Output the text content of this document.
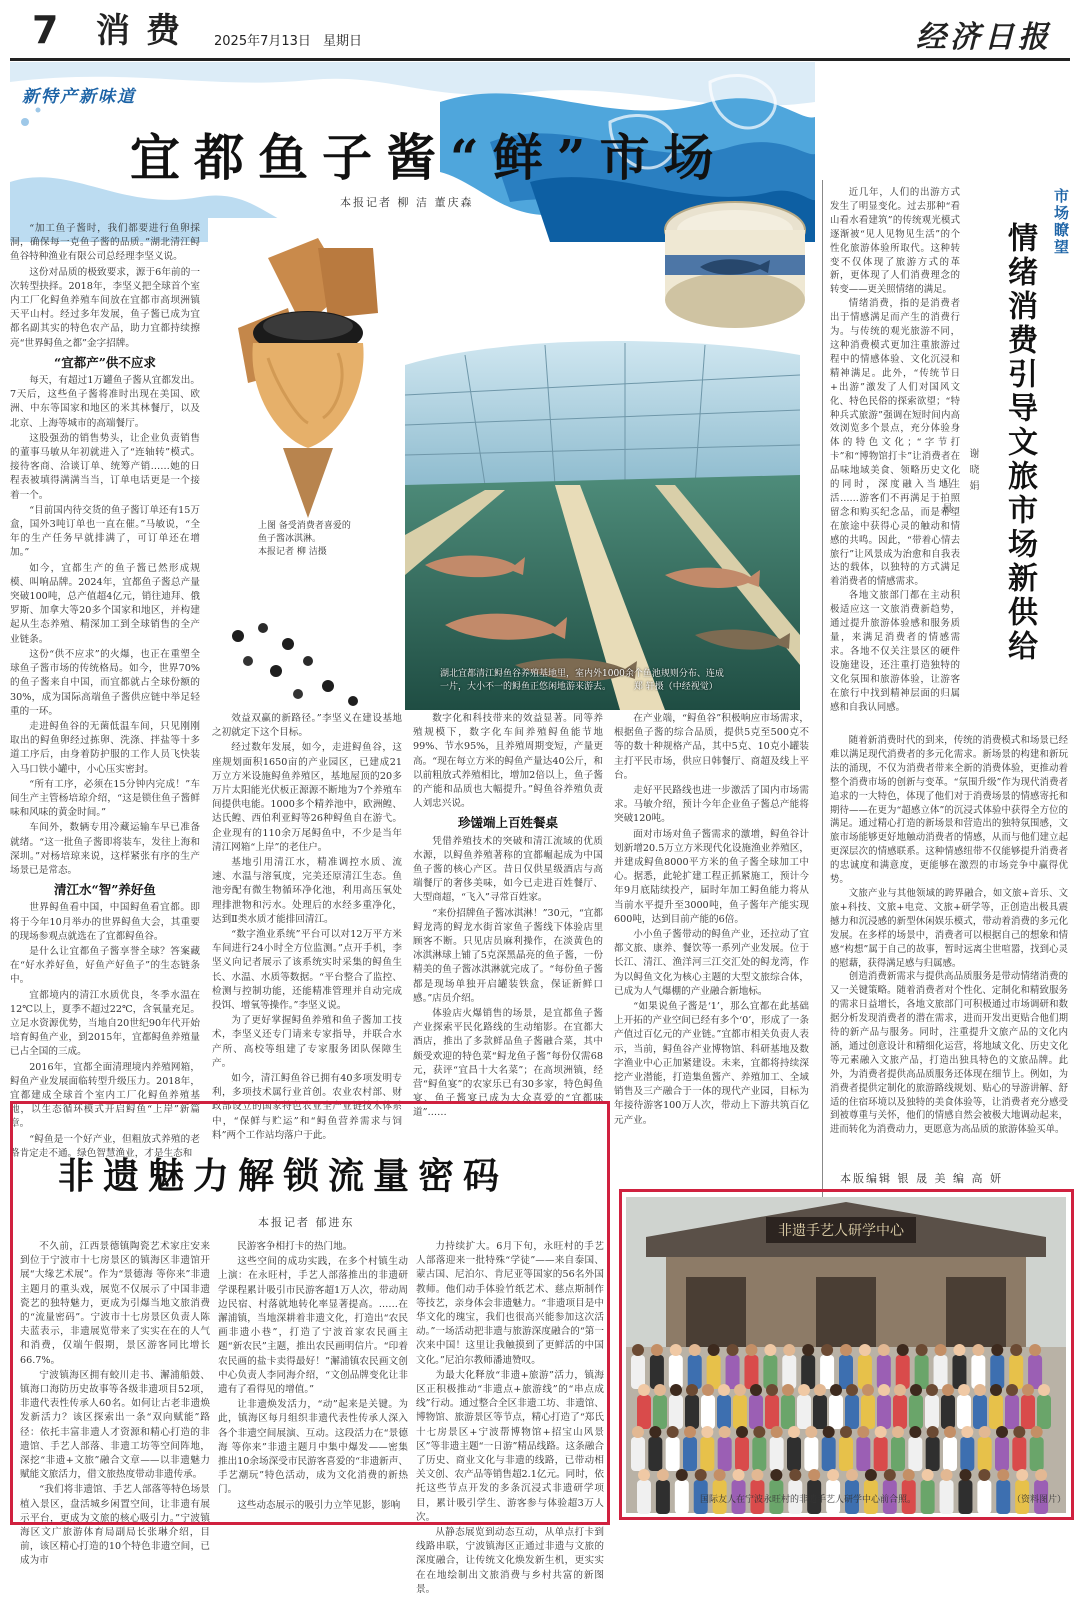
7 消费 2025年7月13日 星期日	经济日报
新特产新味道
宜都鱼子酱“鲜”市场
本报记者 柳 洁 董庆森

“加工鱼子酱时，我们都要进行鱼卵採洞，确保每一克鱼子酱的品质。”湖北清江鲟鱼谷特种渔业有限公司总经理李坚义说。

这份对品质的极致要求，源于6年前的一次转型抉择。2018年，李坚义把全球首个室内工厂化鲟鱼养殖车间放在宜都市高坝洲镇天平山村。经过多年发展，鱼子酱已成为宜都名副其实的特色农产品，助力宜都持续擦亮“世界鲟鱼之都”金字招牌。

“宜都产”供不应求

每天，有超过1万罐鱼子酱从宜都发出。7天后，这些鱼子酱将准时出现在美国、欧洲、中东等国家和地区的米其林餐厅，以及北京、上海等城市的高端餐厅。

这股强劲的销售势头，让企业负责销售的董事马敏从年初就进入了“连轴转”模式。接待客商、洽谈订单、统筹产销……她的日程表被填得满满当当，订单电话更是一个接着一个。

“目前国内待交货的鱼子酱订单还有15万盒，国外3吨订单也一直在催。”马敏说，“全年的生产任务早就排满了，可订单还在增加。”

如今，宜都生产的鱼子酱已然形成规模、叫响品牌。2024年，宜都鱼子酱总产量突破100吨，总产值超4亿元，销往迪拜、俄罗斯、加拿大等20多个国家和地区，并构建起从生态养殖、精深加工到全球销售的全产业链条。

这份“供不应求”的火爆，也正在重塑全球鱼子酱市场的传统格局。如今，世界70%的鱼子酱来自中国，而宜都就占全球份额的30%，成为国际高端鱼子酱供应链中举足轻重的一环。

走进鲟鱼谷的无菌低温车间，只见刚刚取出的鲟鱼卵经过拣卵、洗涤、拌盐等十多道工序后，由身着防护服的工作人员飞快装入马口铁小罐中，小心压实密封。

“所有工序，必须在15分钟内完成！”车间生产主管杨培琼介绍，“这是锁住鱼子酱鲜味和风味的黄金时间。”

车间外，数辆专用冷藏运输车早已准备就绪。“这一批鱼子酱即将装车，发往上海和深圳。”对杨培琼来说，这样紧张有序的生产场景已是常态。

清江水“智”养好鱼

世界鲟鱼看中国，中国鲟鱼看宜都。即将于今年10月举办的世界鲟鱼大会，其重要的现场参观点就选在了宜都鲟鱼谷。

是什么让宜都鱼子酱享誉全球？答案藏在“好水养好鱼，好鱼产好鱼子”的生态链条中。

宜都境内的清江水质优良，冬季水温在12℃以上，夏季不超过22℃，含氧量充足。立足水资源优势，当地自20世纪90年代开始培育鲟鱼产业，到2015年，宜都鲟鱼养殖量已占全国的三成。

2016年，宜都全面清理境内养殖网箱，鲟鱼产业发展面临转型升级压力。2018年，宜都建成全球首个室内工厂化鲟鱼养殖基地，以生态循环模式开启鲟鱼“上岸”新篇章。

“鲟鱼是一个好产业，但粗放式养殖的老路肯定走不通。绿色智慧渔业，才是生态和

上图 备受消费者喜爱的
鱼子酱冰淇淋。
本报记者 柳 洁摄
湖北宜都清江鲟鱼谷养殖基地里，室内外1000余个鱼池规则分布、连成
一片，大小不一的鲟鱼正悠闲地游来游去。	郑 轩摄（中经视觉）

效益双赢的新路径。”李坚义在建设基地之初就定下这个目标。

经过数年发展，如今，走进鲟鱼谷，这座规划面积1650亩的产业园区，已建成21万立方米设施鲟鱼养殖区，基地屋顶的20多万片太阳能光伏板正源源不断地为7个养殖车间提供电能。1000多个精养池中，欧洲鳇、达氏鳇、西伯利亚鲟等26种鲟鱼自在游弋。企业现有的110余万尾鲟鱼中，不少是当年清江网箱“上岸”的老住户。

基地引用清江水，精准调控水质、流速、水温与溶氧度，完美还原清江生态。鱼池旁配有微生物循环净化池，利用高压氧处理排泄物和污水。处理后的水经多重净化，达到Ⅱ类水质才能排回清江。

“数字渔业系统”平台可以对12万平方米车间进行24小时全方位监测。”点开手机，李坚义向记者展示了该系统实时采集的鲟鱼生长、水温、水质等数据。“平台整合了监控、检测与控制功能，还能精准管理并自动完成投饵、增氧等操作。”李坚义说。

为了更好掌握鲟鱼养殖和鱼子酱加工技术，李坚义还专门请来专家指导，并联合水产所、高校等组建了专家服务团队保障生产。

如今，清江鲟鱼谷已拥有40多项发明专利，多项技术属行业首创。农业农村部、财政部设立的国家特色农业全产业链技术体系中，“保鲜与贮运”和“鲟鱼营养需求与饲料”两个工作站均落户于此。

数字化和科技带来的效益显著。同等养殖规模下，数字化车间养殖鲟鱼能节地99%、节水95%，且养殖周期变短，产量更高。“现在每立方米的鲟鱼产量达40公斤，和以前粗放式养殖相比，增加2倍以上，鱼子酱的产能和品质也大幅提升。”鲟鱼谷养殖负责人刘忠兴说。

珍馐端上百姓餐桌

凭借养殖技术的突破和清江流域的优质水源，以鲟鱼养殖著称的宜都崛起成为中国鱼子酱的核心产区。昔日仅供星级酒店与高端餐厅的奢侈美味，如今已走进百姓餐厅、大型商超，“飞入”寻常百姓家。

“来份招牌鱼子酱冰淇淋！”30元，“宜都鲟龙湾的鲟龙水街首家鱼子酱线下体验店里顾客不断。只见店员麻利操作，在淡黄色的冰淇淋球上铺了5克深黑晶亮的鱼子酱，一份精美的鱼子酱冰淇淋就完成了。“每份鱼子酱都是现场单独开启罐装铁盒，保证新鲜口感。”店员介绍。

体验店火爆销售的场景，是宜都鱼子酱产业探索平民化路线的生动缩影。在宜都大酒店，推出了多款鲜品鱼子酱融合菜，其中颇受欢迎的特色菜“鲟龙鱼子酱”每份仅需68元，获评“宜昌十大名菜”；在高坝洲镇，经营“鲟鱼宴”的农家乐已有30多家，特色鲟鱼宴、鱼子酱宴已成为大众喜爱的“宜都味道”……

在产业端，“鲟鱼谷”积极响应市场需求，根据鱼子酱的综合品质，提供5克至500克不等的数十种规格产品，其中5克、10克小罐装主打平民市场，供应日韩餐厅、商超及线上平台。

走好平民路线也进一步激活了国内市场需求。马敏介绍，预计今年企业鱼子酱总产能将突破120吨。

面对市场对鱼子酱需求的激增，鲟鱼谷计划新增20.5万立方米现代化设施渔业养殖区，并建成鲟鱼8000平方米的鱼子酱全球加工中心。据悉，此轮扩建工程正抓紧施工，预计今年9月底陆续投产，届时年加工鲟鱼能力将从当前水平提升至3000吨，鱼子酱年产能实现600吨，达到目前产能的6倍。

小小鱼子酱带动的鲟鱼产业，还拉动了宜都文旅、康养、餐饮等一系列产业发展。位于长江、清江、渔洋河三江交汇处的鲟龙湾，作为以鲟鱼文化为核心主题的大型文旅综合体，已成为人气爆棚的产业融合新地标。

“如果说鱼子酱是‘1’，那么宜都在此基础上开拓的产业空间已经有多个‘0’，形成了一条产值过百亿元的产业链。”宜都市相关负责人表示，当前，鲟鱼谷产业博物馆、科研基地及数字渔业中心正加紧建设。未来，宜都将持续深挖产业潜能，打造集鱼酱产、养殖加工、全域销售及三产融合于一体的现代产业园，目标为年接待游客100万人次，带动上下游共筑百亿元产业。

市场瞭望
情绪消费引导文旅市场新供给
谢晓娟
马 晨

近几年，人们的出游方式发生了明显变化。过去那种“看山看水看建筑”的传统观光模式逐渐被“见人见物见生活”的个性化旅游体验所取代。这种转变不仅体现了旅游方式的革新，更体现了人们消费理念的转变——更关照情绪的满足。

情绪消费，指的是消费者出于情感满足而产生的消费行为。与传统的观光旅游不同，这种消费模式更加注重旅游过程中的情感体验、文化沉浸和精神满足。此外，“传统节日+出游”激发了人们对国风文化、特色民俗的探索欲望；“特种兵式旅游”强调在短时间内高效浏览多个景点，充分体验身体的特色文化；“字节打卡”和“博物馆打卡”让消费者在品味地域美食、领略历史文化的同时，深度融入当地生活……游客们不再满足于拍照留念和购买纪念品，而是希望在旅途中获得心灵的触动和情感的共鸣。因此，“带着心情去旅行”让风景成为治愈和自我表达的载体，以独特的方式满足着消费者的情感需求。

各地文旅部门都在主动积极适应这一文旅消费新趋势，通过提升旅游体验感和服务质量，来满足消费者的情感需求。各地不仅关注景区的硬件设施建设，还注重打造独特的文化氛围和旅游体验，让游客在旅行中找到精神层面的归属感和自我认同感。

随着新消费时代的到来，传统的消费模式和场景已经难以满足现代消费者的多元化需求。新场景的构建和新玩法的涌现，不仅为消费者带来全新的消费体验，更推动着整个消费市场的创新与变革。“氛围升级”作为现代消费者追求的一大特色，体现了他们对于消费场景的情感寄托和期待——在更为“超感立体”的沉浸式体验中获得全方位的满足。通过精心打造的新场景和营造出的独特氛围感，文旅市场能够更好地触动消费者的情感，从而与他们建立起更深层次的情感联系。这种情感纽带不仅能够提升消费者的忠诚度和满意度，更能够在激烈的市场竞争中赢得优势。

文旅产业与其他领域的跨界融合，如文旅+音乐、文旅+科技、文旅+电竞、文旅+研学等，正创造出极具震撼力和沉浸感的新型休闲娱乐模式，带动着消费的多元化发展。在多样的场景中，消费者可以根据自己的想象和情感“构想”属于自己的故事，暂时远离尘世喧嚣，找到心灵的慰藉，获得满足感与归属感。

创造消费新需求与提供高品质服务是带动情绪消费的又一关键策略。随着消费者对个性化、定制化和精致服务的需求日益增长，各地文旅部门可积极通过市场调研和数据分析发现消费者的潜在需求，进而开发出更贴合他们期待的新产品与服务。同时，注重提升文旅产品的文化内涵，通过创意设计和精细化运营，将地域文化、历史文化等元素融入文旅产品，打造出独具特色的文旅品牌。此外，为消费者提供高品质服务还体现在细节上。例如，为消费者提供定制化的旅游路线规划、贴心的导游讲解、舒适的住宿环境以及独特的美食体验等，让消费者充分感受到被尊重与关怀，他们的情感自然会被极大地调动起来，进而转化为消费动力，更愿意为高品质的旅游体验买单。

本版编辑 银 晟 美 编 高 妍
非遗魅力解锁流量密码
本报记者 郁进东

不久前，江西景德镇陶瓷艺术家庄安来到位于宁波市十七房景区的镇海区非遗馆开展“大缘艺术展”。作为“景德海 等你来”非遗主题月的重头戏，展览不仅展示了中国非遗瓷艺的独特魅力，更成为引爆当地文旅消费的“流量密码”。宁波市十七房景区负责人陈夫蓝表示，非遗展览带来了实实在在的人气和消费，仅端午假期，景区游客同比增长66.7%。

宁波镇海区拥有蛟川走书、澥浦船鼓、镇海口海防历史故事等各级非遗项目52项，非遗代表性传承人60名。如何让古老非遗焕发新活力？该区探索出一条“双向赋能”路径：依托丰富非遗人才资源和精心打造的非遗馆、手艺人部落、非遗工坊等空间阵地，深挖“非遗+文旅”融合文章——以非遗魅力赋能文旅活力，借文旅热度带动非遗传承。

“我们将非遗馆、手艺人部落等特色场景植入景区，盘活城乡闲置空间，让非遗有展示平台，更成为文旅的核心吸引力。”宁波镇海区文广旅游体育局副局长张琳介绍，目前，该区精心打造的10个特色非遗空间，已成为市

民游客争相打卡的热门地。

这些空间的成功实践，在多个村镇生动上演：在永旺村，手艺人部落推出的非遗研学课程累计吸引市民游客超1万人次，带动周边民宿、村落就地转化率显著提高。……在澥浦镇，当地深耕着非遗文化，打造出“农民画非遗小巷”，打造了宁波首家农民画主题“新农民”主题，推出农民画明信片。“印着农民画的盐卡卖得最好！”澥浦镇农民画文创中心负责人李同海介绍，“文创品牌变化让非遗有了看得见的增值。”

让非遗焕发活力，“动”起来是关键。为此，镇海区每月组织非遗代表性传承人深入各个非遗空间展演、互动。这段活力在“景德海 等你来”非遗主题月中集中爆发——密集推出10余场深受市民游客喜爱的“非遗新声、手艺潮玩”特色活动，成为文化消费的新热门。

这些动态展示的吸引力立竿见影，影响

力持续扩大。6月下旬，永旺村的手艺人部落迎来一批特殊“学徒”——来自泰国、蒙古国、尼泊尔、肯尼亚等国家的56名外国教师。他们动手体验竹纸艺术、慈点斯制作等技艺，亲身体会非遗魅力。“非遗项目是中华文化的瑰宝，我们也很高兴能参加这次活动。”一场活动把非遗与旅游深度融合的“第一次来中国！这里让我触摸到了更鲜活的中国文化。”尼泊尔教师潘迪赞叹。

为最大化释放“非遗+旅游”活力，镇海区正积极推动“非遗点+旅游线”的“串点成线”行动。通过整合全区非遗工坊、非遗馆、博物馆、旅游景区等节点，精心打造了“郑氏十七房景区+宁波帮博物馆+招宝山风景区”等非遗主题“一日游”精品线路。这条融合了历史、商业文化与非遗的线路，已带动相关文创、农产品等销售超2.1亿元。同时，依托这些节点开发的多条沉浸式非遗研学项目，累计吸引学生、游客参与体验超3万人次。

从静态展览到动态互动，从单点打卡到线路串联，宁波镇海区正通过非遗与文旅的深度融合，让传统文化焕发新生机，更实实在在地绘制出文旅消费与乡村共富的新图景。

非遗手艺人研学中心
国际友人在宁波永旺村的非遗手艺人研学中心前合照。	（资料图片）
